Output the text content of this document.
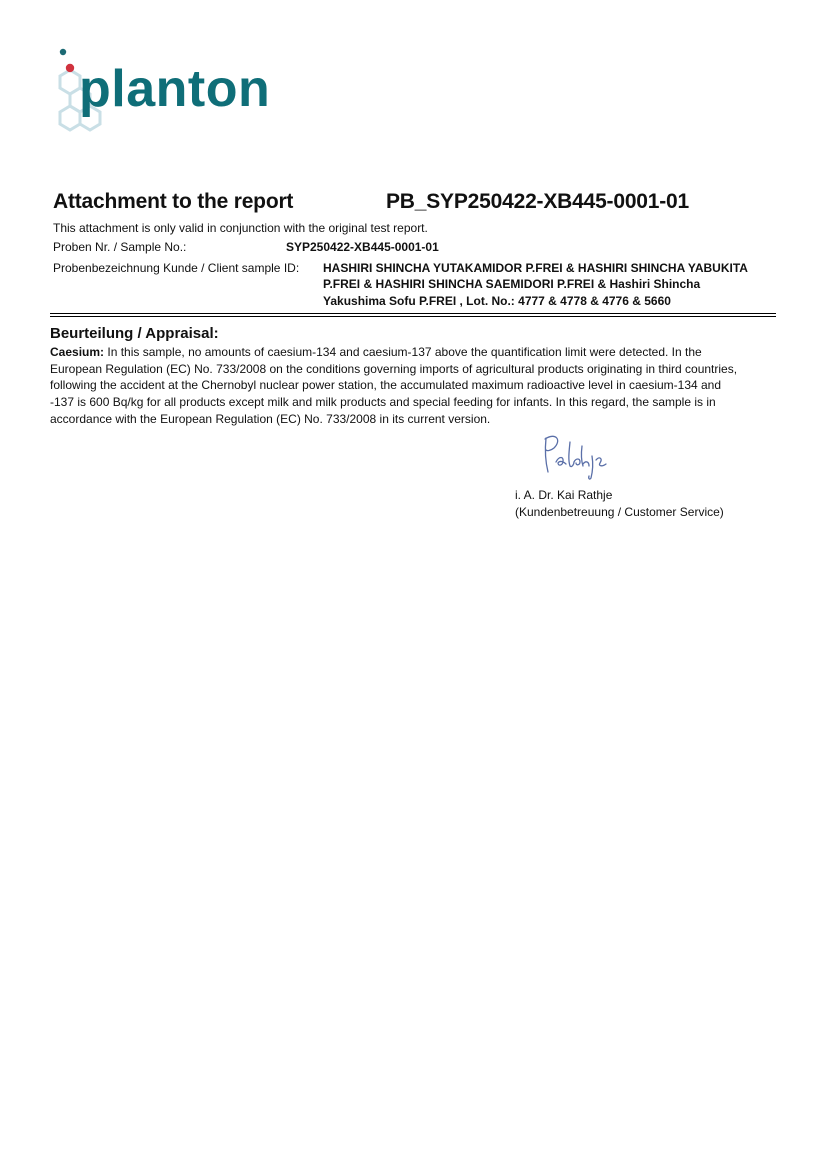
planton
Attachment to the report	PB_SYP250422-XB445-0001-01
This attachment is only valid in conjunction with the original test report.
Proben Nr. / Sample No.:	SYP250422-XB445-0001-01
Probenbezeichnung Kunde / Client sample ID: HASHIRI SHINCHA YUTAKAMIDOR P.FREI & HASHIRI SHINCHA YABUKITA
P.FREI & HASHIRI SHINCHA SAEMIDORI P.FREI & Hashiri Shincha
Yakushima Sofu P.FREI , Lot. No.: 4777 & 4778 & 4776 & 5660
Beurteilung / Appraisal:
Caesium: In this sample, no amounts of caesium-134 and caesium-137 above the quantification limit were detected. In the
European Regulation (EC) No. 733/2008 on the conditions governing imports of agricultural products originating in third countries,
following the accident at the Chernobyl nuclear power station, the accumulated maximum radioactive level in caesium-134 and
-137 is 600 Bq/kg for all products except milk and milk products and special feeding for infants. In this regard, the sample is in
accordance with the European Regulation (EC) No. 733/2008 in its current version.
i. A. Dr. Kai Rathje
(Kundenbetreuung / Customer Service)
